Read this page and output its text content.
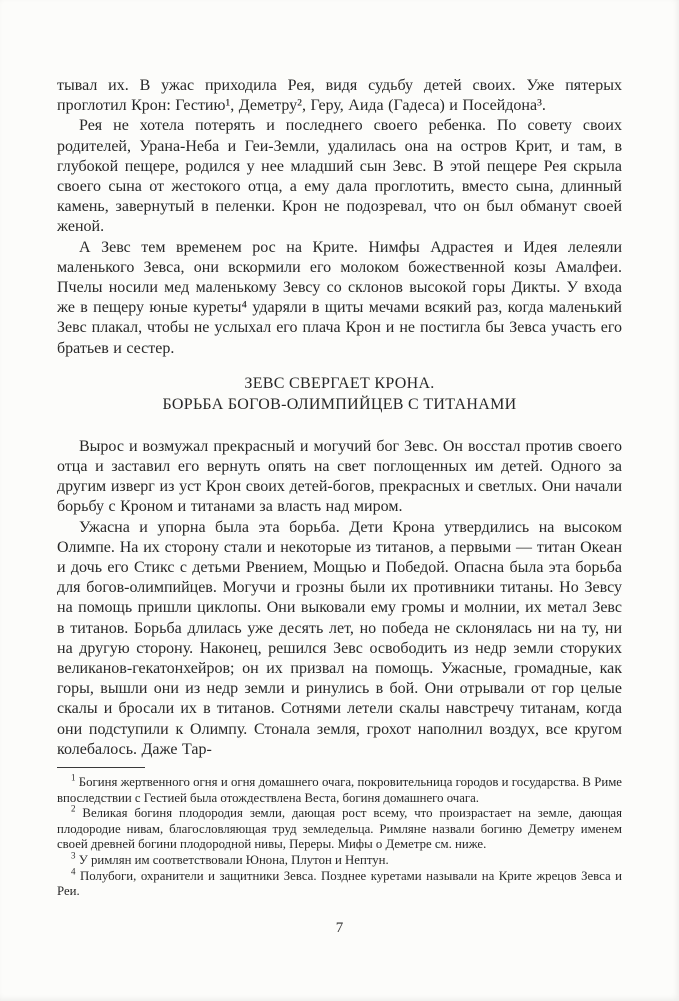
тывал их. В ужас приходила Рея, видя судьбу детей своих. Уже пятерых проглотил Крон: Гестию¹, Деметру², Геру, Аида (Гадеса) и Посейдона³.

Рея не хотела потерять и последнего своего ребенка. По совету своих родителей, Урана-Неба и Геи-Земли, удалилась она на остров Крит, и там, в глубокой пещере, родился у нее младший сын Зевс. В этой пещере Рея скрыла своего сына от жестокого отца, а ему дала проглотить, вместо сына, длинный камень, завернутый в пеленки. Крон не подозревал, что он был обманут своей женой.

А Зевс тем временем рос на Крите. Нимфы Адрастея и Идея лелеяли маленького Зевса, они вскормили его молоком божественной козы Амалфеи. Пчелы носили мед маленькому Зевсу со склонов высокой горы Дикты. У входа же в пещеру юные куреты⁴ ударяли в щиты мечами всякий раз, когда маленький Зевс плакал, чтобы не услыхал его плача Крон и не постигла бы Зевса участь его братьев и сестер.

ЗЕВС СВЕРГАЕТ КРОНА.
БОРЬБА БОГОВ-ОЛИМПИЙЦЕВ С ТИТАНАМИ

Вырос и возмужал прекрасный и могучий бог Зевс. Он восстал против своего отца и заставил его вернуть опять на свет поглощенных им детей. Одного за другим изверг из уст Крон своих детей-богов, прекрасных и светлых. Они начали борьбу с Кроном и титанами за власть над миром.

Ужасна и упорна была эта борьба. Дети Крона утвердились на высоком Олимпе. На их сторону стали и некоторые из титанов, а первыми — титан Океан и дочь его Стикс с детьми Рвением, Мощью и Победой. Опасна была эта борьба для богов-олимпийцев. Могучи и грозны были их противники титаны. Но Зевсу на помощь пришли циклопы. Они выковали ему громы и молнии, их метал Зевс в титанов. Борьба длилась уже десять лет, но победа не склонялась ни на ту, ни на другую сторону. Наконец, решился Зевс освободить из недр земли сторуких великанов-гекатонхейров; он их призвал на помощь. Ужасные, громадные, как горы, вышли они из недр земли и ринулись в бой. Они отрывали от гор целые скалы и бросали их в титанов. Сотнями летели скалы навстречу титанам, когда они подступили к Олимпу. Стонала земля, грохот наполнил воздух, все кругом колебалось. Даже Тар-

$^1$ Богиня жертвенного огня и огня домашнего очага, покровительница городов и государства. В Риме впоследствии с Гестией была отождествлена Веста, богиня домашнего очага.

$^2$ Великая богиня плодородия земли, дающая рост всему, что произрастает на земле, дающая плодородие нивам, благословляющая труд земледельца. Римляне назвали богиню Деметру именем своей древней богини плодородной нивы, Переры. Мифы о Деметре см. ниже.

$^3$ У римлян им соответствовали Юнона, Плутон и Нептун.

$^4$ Полубоги, охранители и защитники Зевса. Позднее куретами называли на Крите жрецов Зевса и Реи.

7
